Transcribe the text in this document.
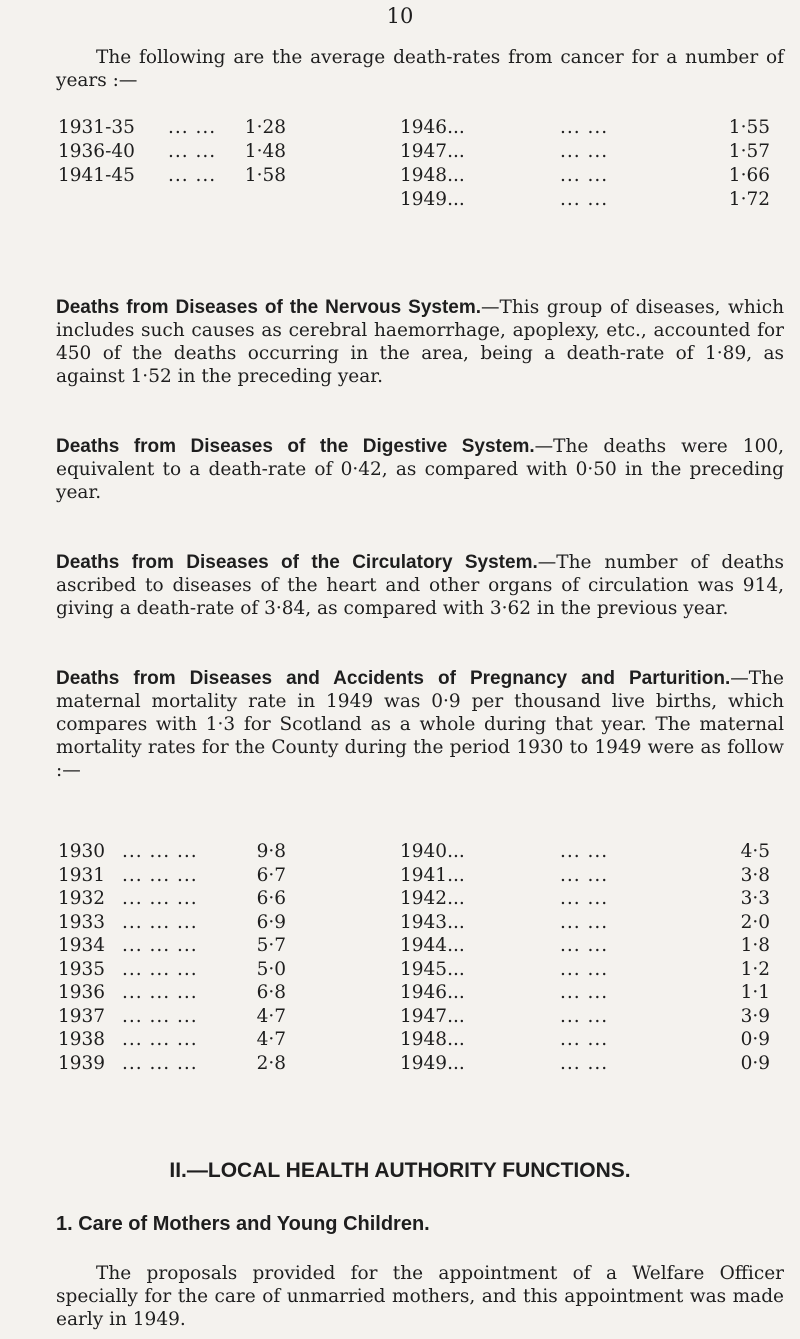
10
The following are the average death-rates from cancer for a number of years :—
1931-35 ... ...	1·28
1936-40 ... ...	1·48
1941-45 ... ...	1·58
1946...	... ...	1·55
1947...	... ...	1·57
1948...	... ...	1·66
1949...	... ...	1·72
Deaths from Diseases of the Nervous System.—This group of diseases, which includes such causes as cerebral haemorrhage, apoplexy, etc., accounted for 450 of the deaths occurring in the area, being a death-rate of 1·89, as against 1·52 in the preceding year.
Deaths from Diseases of the Digestive System.—The deaths were 100, equivalent to a death-rate of 0·42, as compared with 0·50 in the preceding year.
Deaths from Diseases of the Circulatory System.—The number of deaths ascribed to diseases of the heart and other organs of circulation was 914, giving a death-rate of 3·84, as compared with 3·62 in the previous year.
Deaths from Diseases and Accidents of Pregnancy and Parturition.—The maternal mortality rate in 1949 was 0·9 per thousand live births, which compares with 1·3 for Scotland as a whole during that year. The maternal mortality rates for the County during the period 1930 to 1949 were as follow :—
1930 ... ... ...	9·8
1931 ... ... ...	6·7
1932 ... ... ...	6·6
1933 ... ... ...	6·9
1934 ... ... ...	5·7
1935 ... ... ...	5·0
1936 ... ... ...	6·8
1937 ... ... ...	4·7
1938 ... ... ...	4·7
1939 ... ... ...	2·8
1940...	... ...	4·5
1941...	... ...	3·8
1942...	... ...	3·3
1943...	... ...	2·0
1944...	... ...	1·8
1945...	... ...	1·2
1946...	... ...	1·1
1947...	... ...	3·9
1948...	... ...	0·9
1949...	... ...	0·9
II.—LOCAL HEALTH AUTHORITY FUNCTIONS.
1. Care of Mothers and Young Children.
The proposals provided for the appointment of a Welfare Officer specially for the care of unmarried mothers, and this appointment was made early in 1949.
